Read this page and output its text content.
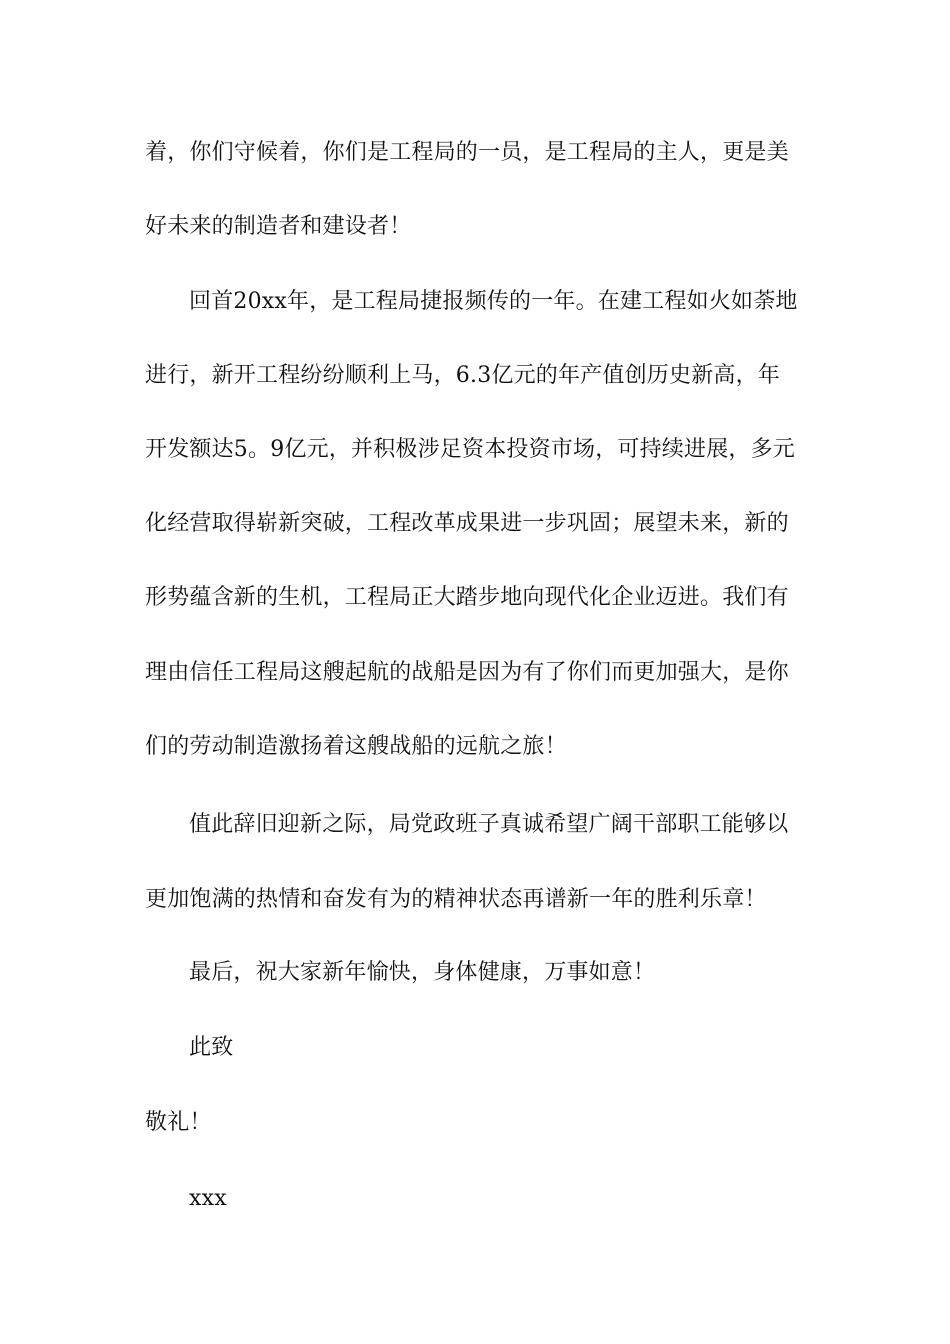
着，你们守候着，你们是工程局的一员，是工程局的主人，更是美
好未来的制造者和建设者！
回首20xx年，是工程局捷报频传的一年。在建工程如火如荼地
进行，新开工程纷纷顺利上马，6.3亿元的年产值创历史新高，年
开发额达5。9亿元，并积极涉足资本投资市场，可持续进展，多元
化经营取得崭新突破，工程改革成果进一步巩固；展望未来，新的
形势蕴含新的生机，工程局正大踏步地向现代化企业迈进。我们有
理由信任工程局这艘起航的战船是因为有了你们而更加强大，是你
们的劳动制造激扬着这艘战船的远航之旅！
值此辞旧迎新之际，局党政班子真诚希望广阔干部职工能够以
更加饱满的热情和奋发有为的精神状态再谱新一年的胜利乐章！
最后，祝大家新年愉快，身体健康，万事如意！
此致
敬礼！
xxx
